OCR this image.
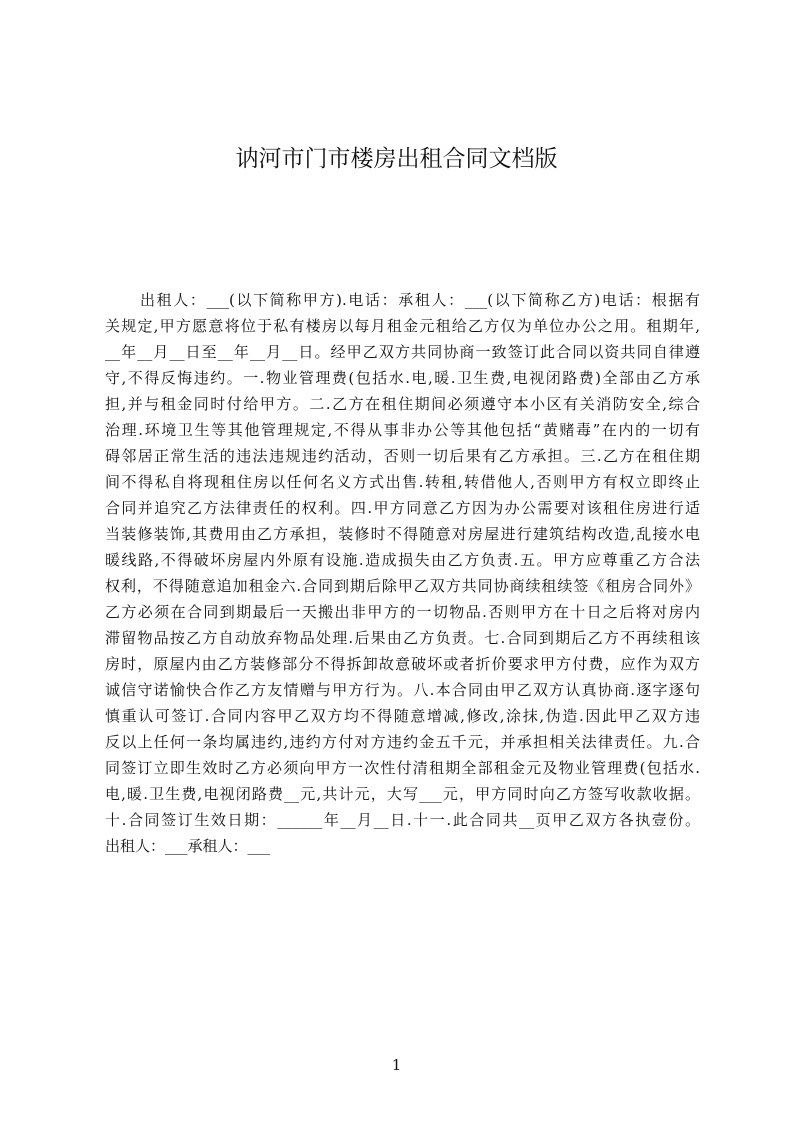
讷河市门市楼房出租合同文档版
出租人：___(以下简称甲方).电话：承租人：___(以下简称乙方)电话：根据有
关规定,甲方愿意将位于私有楼房以每月租金元租给乙方仅为单位办公之用。租期年,
__年__月__日至__年__月__日。经甲乙双方共同协商一致签订此合同以资共同自律遵
守,不得反悔违约。一.物业管理费(包括水.电,暖.卫生费,电视闭路费)全部由乙方承
担,并与租金同时付给甲方。二.乙方在租住期间必须遵守本小区有关消防安全,综合
治理.环境卫生等其他管理规定,不得从事非办公等其他包括“黄赌毒”在内的一切有
碍邻居正常生活的违法违规违约活动，否则一切后果有乙方承担。三.乙方在租住期
间不得私自将现租住房以任何名义方式出售.转租,转借他人,否则甲方有权立即终止
合同并追究乙方法律责任的权利。四.甲方同意乙方因为办公需要对该租住房进行适
当装修装饰,其费用由乙方承担，装修时不得随意对房屋进行建筑结构改造,乱接水电
暖线路,不得破坏房屋内外原有设施.造成损失由乙方负责.五。甲方应尊重乙方合法
权利，不得随意追加租金六.合同到期后除甲乙双方共同协商续租续签《租房合同外》
乙方必须在合同到期最后一天搬出非甲方的一切物品.否则甲方在十日之后将对房内
滞留物品按乙方自动放弃物品处理.后果由乙方负责。七.合同到期后乙方不再续租该
房时，原屋内由乙方装修部分不得拆卸故意破坏或者折价要求甲方付费，应作为双方
诚信守诺愉快合作乙方友情赠与甲方行为。八.本合同由甲乙双方认真协商.逐字逐句
慎重认可签订.合同内容甲乙双方均不得随意增减,修改,涂抹,伪造.因此甲乙双方违
反以上任何一条均属违约,违约方付对方违约金五千元，并承担相关法律责任。九.合
同签订立即生效时乙方必须向甲方一次性付清租期全部租金元及物业管理费(包括水.
电,暖.卫生费,电视闭路费__元,共计元，大写___元，甲方同时向乙方签写收款收据。
十.合同签订生效日期：______年__月__日.十一.此合同共__页甲乙双方各执壹份。
出租人：___承租人：___
1
